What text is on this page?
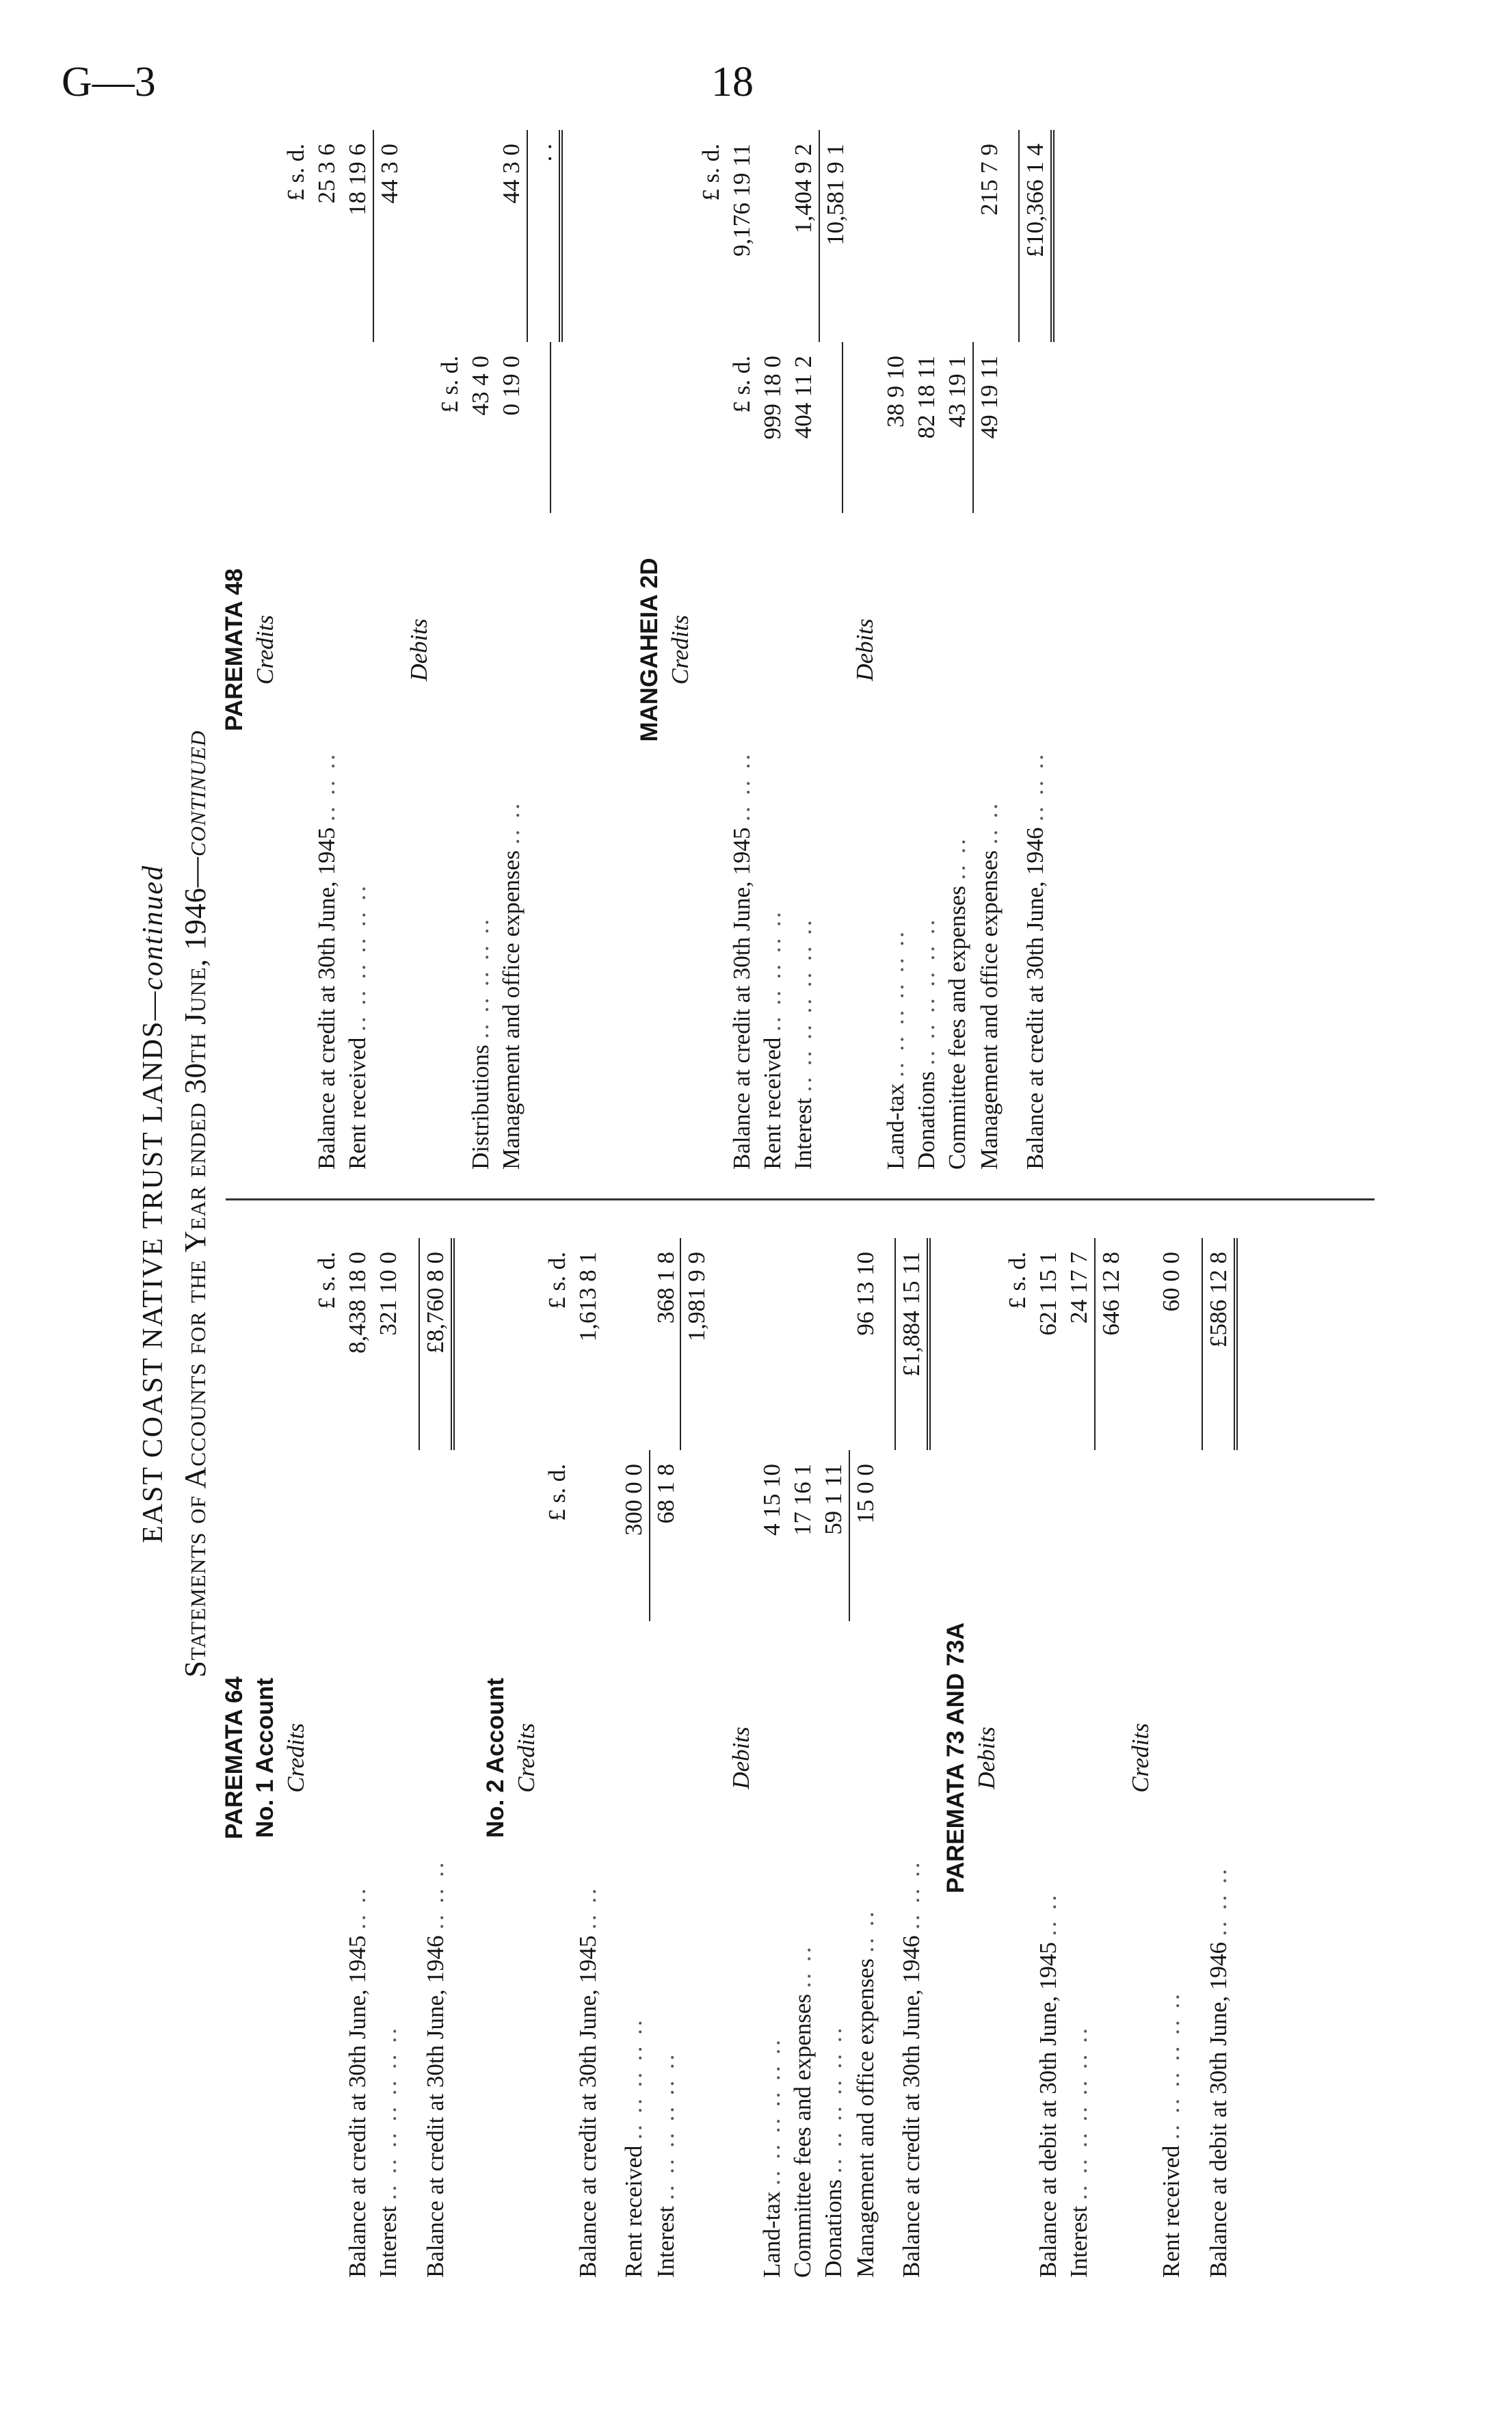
G—3	18
EAST COAST NATIVE TRUST LANDS—continued Statements of Accounts for the Year ended 30th June, 1946—continued
PAREMATA 64 No. 1 Account Credits
£ s. d.
Balance at credit at 30th June, 1945 .. ..
8,438 18 0
Interest .. .. .. .. .. .. ..
321 10 0
Balance at credit at 30th June, 1946 .. .. ..
£8,760 8 0
No. 2 Account Credits
£ s. d.
£ s. d.
Balance at credit at 30th June, 1945 .. ..
1,613 8 1
Rent received .. .. .. .. ..
300 0 0
Interest .. .. .. .. .. ..
68 1 8
368 1 8 1,981 9 9
Debits
Land-tax .. .. .. .. .. ..
4 15 10
Committee fees and expenses .. ..
17 16 1
Donations .. .. .. .. .. ..
59 1 11
Management and office expenses .. ..
15 0 0
96 13 10
Balance at credit at 30th June, 1946 .. .. ..
£1,884 15 11
PAREMATA 73 AND 73A Debits
£ s. d.
Balance at debit at 30th June, 1945 .. ..
621 15 1
Interest .. .. .. .. .. .. ..
24 17 7 646 12 8
Credits
Rent received .. .. .. .. .. ..
60 0 0
Balance at debit at 30th June, 1946 .. .. ..
£586 12 8
PAREMATA 48 Credits
£ s. d.
Balance at credit at 30th June, 1945 .. .. ..
25 3 6
Rent received .. .. .. .. .. ..
18 19 6 44 3 0
Debits
£ s. d.
Distributions .. .. .. .. ..
43 4 0
Management and office expenses .. ..
0 19 0
44 3 0 . .
MANGAHEIA 2D Credits
£ s. d.
Balance at credit at 30th June, 1945 .. .. ..
£ s. d.
9,176 19 11
Rent received .. .. .. .. ..
999 18 0
Interest .. .. .. .. .. .. ..
404 11 2
1,404 9 2 10,581 9 1
Debits
Land-tax .. .. .. .. .. ..
38 9 10
Donations .. .. .. .. .. ..
82 18 11
Committee fees and expenses .. ..
43 19 1
Management and office expenses .. ..
49 19 11
215 7 9
Balance at credit at 30th June, 1946 .. .. ..
£10,366 1 4
